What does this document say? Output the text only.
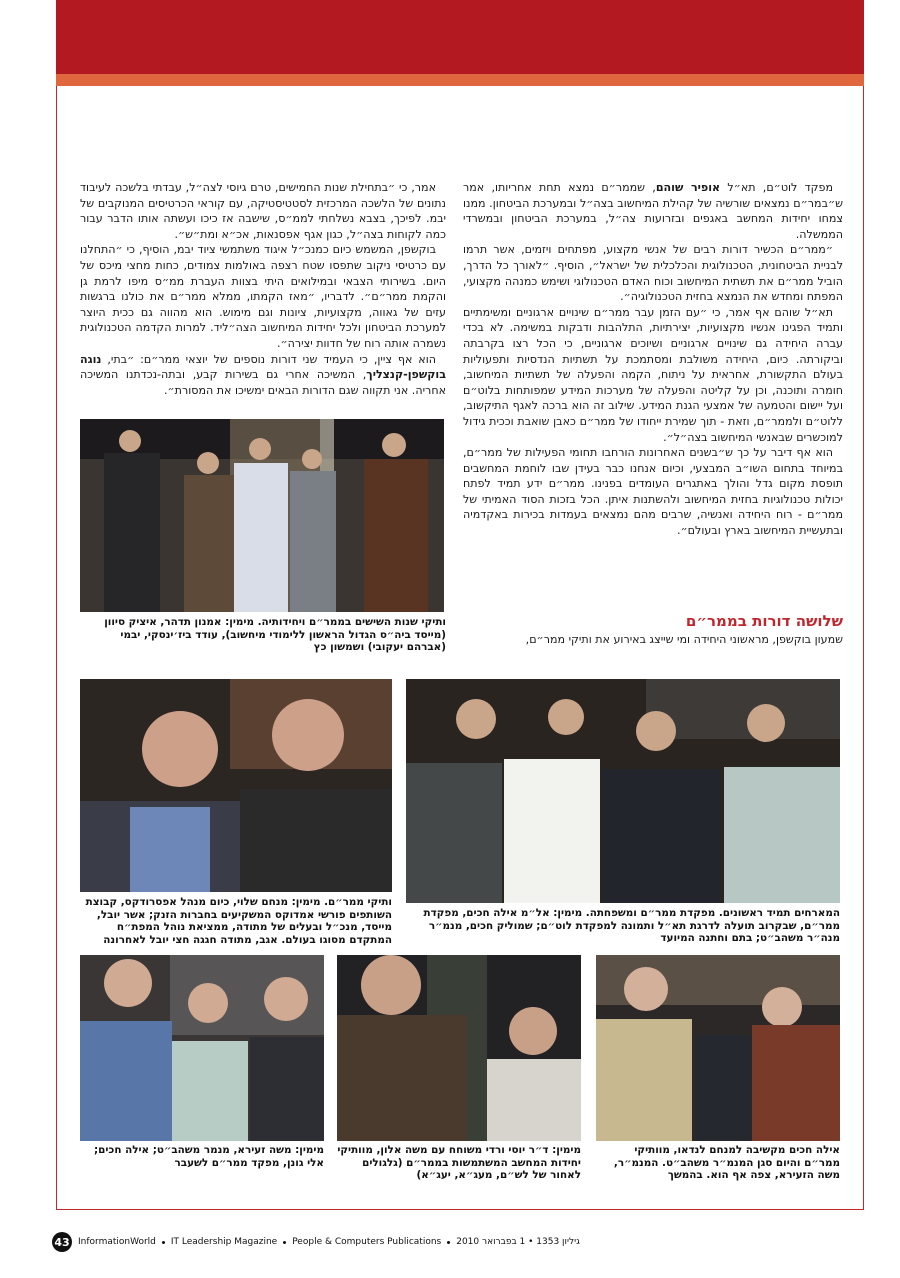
מפקד לוט״ם, תא״ל אופיר שוהם, שממר״ם נמצא תחת אחריותו, אמר ש״במר״ם נמצאים שורשיה של קהילת המיחשוב בצה״ל ובמערכת הביטחון. ממנו צמחו יחידות המחשב באגפים ובזרועות צה״ל, במערכת הביטחון ובמשרדי הממשלה.

״ממר״ם הכשיר דורות רבים של אנשי מקצוע, מפתחים ויזמים, אשר תרמו לבניית הביטחונית, הטכנולוגית והכלכלית של ישראל״, הוסיף. ״לאורך כל הדרך, הוביל ממר״ם את תשתית המיחשוב וכוח האדם הטכנולוגי ושימש כמנהה מקצועי, המפתח ומחדש את הנמצא בחזית הטכנולוגיה״.

תא״ל שוהם אף אמר, כי ״עם הזמן עבר ממר״ם שינויים ארגוניים ומשימתיים ותמיד הפגינו אנשיו מקצועיות, יצירתיות, התלהבות ודבקות במשימה. לא בכדי עברה היחידה גם שינויים ארגוניים ושיוכים ארגוניים, כי הכל רצו בקרבתה וביקורתה. כיום, היחידה משולבת ומסתמכת על תשתיות הנדסיות ותפעוליות בעולם התקשורת, אחראית על ניתוח, הקמה והפעלה של תשתיות המיחשוב, חומרה ותוכנה, וכן על קליטה והפעלה של מערכות המידע שמפותחות בלוט״ם ועל יישום והטמעה של אמצעי הגנת המידע. שילוב זה הוא ברכה לאגף התיקשוב, ללוט״ם ולממר״ם, וזאת - תוך שמירת ייחודו של ממר״ם כאבן שואבת וככית גידול למוכשרים שבאנשי המיחשוב בצה״ל״.

הוא אף דיבר על כך ש״בשנים האחרונות הורחבו תחומי הפעילות של ממר״ם, במיוחד בתחום השו״ב המבצעי, וכיום אנחנו כבר בעידן שבו לוחמת המחשבים תופסת מקום גדל והולך באתגרים העומדים בפנינו. ממר״ם ידע תמיד לפתח יכולות טכנולוגיות בחזית המיחשוב ולהשתנות איתן. הכל בזכות הסוד האמיתי של ממר״ם - רוח היחידה ואנשיה, שרבים מהם נמצאים בעמדות בכירות באקדמיה ובתעשיית המיחשוב בארץ ובעולם״.

שלושה דורות בממר״ם
שמעון בוקשפן, מראשוני היחידה ומי שייצג באירוע את ותיקי ממר״ם,

אמר, כי ״בתחילת שנות החמישים, טרם גיוסי לצה״ל, עבדתי בלשכה לעיבוד נתונים של הלשכה המרכזית לסטטיסטיקה, עם קוראי הכרטיסים המנוקבים של יבמ. לפיכך, בצבא נשלחתי לממ״ס, שישבה אז כיכו ועשתה אותו הדבר עבור כמה לקוחות בצה״ל, כגון אגף אפסנאות, אכ״א ומת״ש״.

בוקשפן, המשמש כיום כמנכ״ל איגוד משתמשי ציוד יבמ, הוסיף, כי ״התחלנו עם כרטיסי ניקוב שתפסו שטח רצפה באולמות צמודים, כחות מחצי מיכס של היום. בשירותי הצבאי ובמילואים היתי בצוות העברת ממ״ס מיפו לרמת גן והקמת ממר״ם״. לדבריו, ״מאז הקמתו, ממלא ממר״ם את כולנו ברגשות עזים של גאווה, מקצועיות, ציונות וגם מימוש. הוא מהווה גם ככית היוצר למערכת הביטחון ולכל יחידות המיחשוב הצה״ליד. למרות הקדמה הטכנולוגית נשמרה אותה רוח של חדוות יצירה״.

הוא אף ציין, כי העמיד שני דורות נוספים של יוצאי ממר״ם: ״בתי, נוגה בוקשפן-קנצליך, המשיכה אחרי גם בשירות קבע, ובתה-נכדתנו המשיכה אחריה. אני תקווה שגם הדורות הבאים ימשיכו את המסורת״.

ותיקי שנות השישים בממר״ם ויחידותיה. מימין: אמנון תדהר, איציק סיוון (מייסד ביה״ס הגדול הראשון ללימודי מיחשוב), עודד ביז׳ינסקי, יבמי (אברהם יעקובי) ושמשון כץ
המארחים תמיד ראשונים. מפקדת ממר״ם ומשפחתה. מימין: אל״מ אילה חכים, מפקדת ממר״ם, שבקרוב תועלה לדרגת תא״ל ותמונה למפקדת לוט״ם; שמוליק חכים, מנמ״ר מנה״ר משהב״ט; בתם וחתנה המיועד
ותיקי ממר״ם. מימין: מנחם שלוי, כיום מנהל אפסרודקס, קבוצת השותפים פורשי אמדוקס המשקיעים בחברות הזנק; אשר יובל, מייסד, מנכ״ל ובעלים של מתודה, ממציאת נוהל המפת״ח המתקדם מסוגו בעולם. אגב, מתודה חגגה חצי יובל לאחרונה
אילה חכים מקשיבה למנחם לנדאו, מוותיקי ממר״ם והיום סגן המנמ״ר משהב״ט. המנמ״ר, משה הזעירא, צפה אף הוא. בהמשך
מימין: ד״ר יוסי ורדי משוחח עם משה אלון, מוותיקי יחידות המחשב המשתמשות בממר״ם (גלגולים לאחור של לש״ם, מעג״א, יעג״א)
מימין: משה זעירא, מנמר משהב״ט; אילה חכים; אלי גונן, מפקד ממר״ם לשעבר
43 InformationWorld IT Leadership Magazine People & Computers Publications גיליון 1353 • 1 בפברואר 2010
